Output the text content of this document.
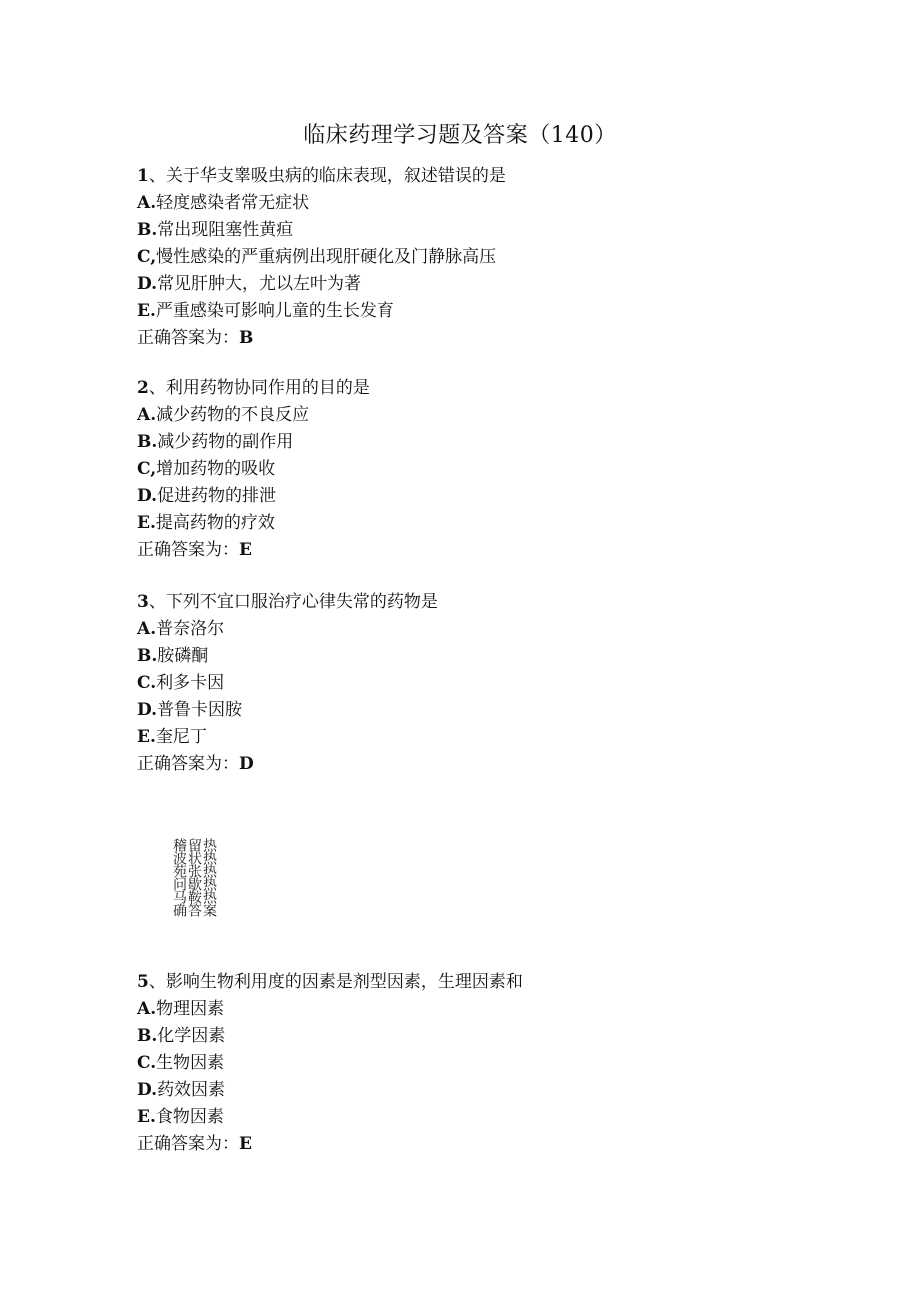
临床药理学习题及答案（140）
1、关于华支睾吸虫病的临床表现，叙述错误的是
A.轻度感染者常无症状
B.常出现阻塞性黄疸
C,慢性感染的严重病例出现肝硬化及门静脉高压
D.常见肝肿大，尤以左叶为著
E.严重感染可影响儿童的生长发育
正确答案为：B
2、利用药物协同作用的目的是
A.减少药物的不良反应
B.减少药物的副作用
C,增加药物的吸收
D.促进药物的排泄
E.提高药物的疗效
正确答案为：E
3、下列不宜口服治疗心律失常的药物是
A.普奈洛尔
B.胺磷酮
C.利多卡因
D.普鲁卡因胺
E.奎尼丁
正确答案为：D
热热热热热案
留状张歇鞍答
稽波苑问马确
5、影响生物利用度的因素是剂型因素，生理因素和
A.物理因素
B.化学因素
C.生物因素
D.药效因素
E.食物因素
正确答案为：E
